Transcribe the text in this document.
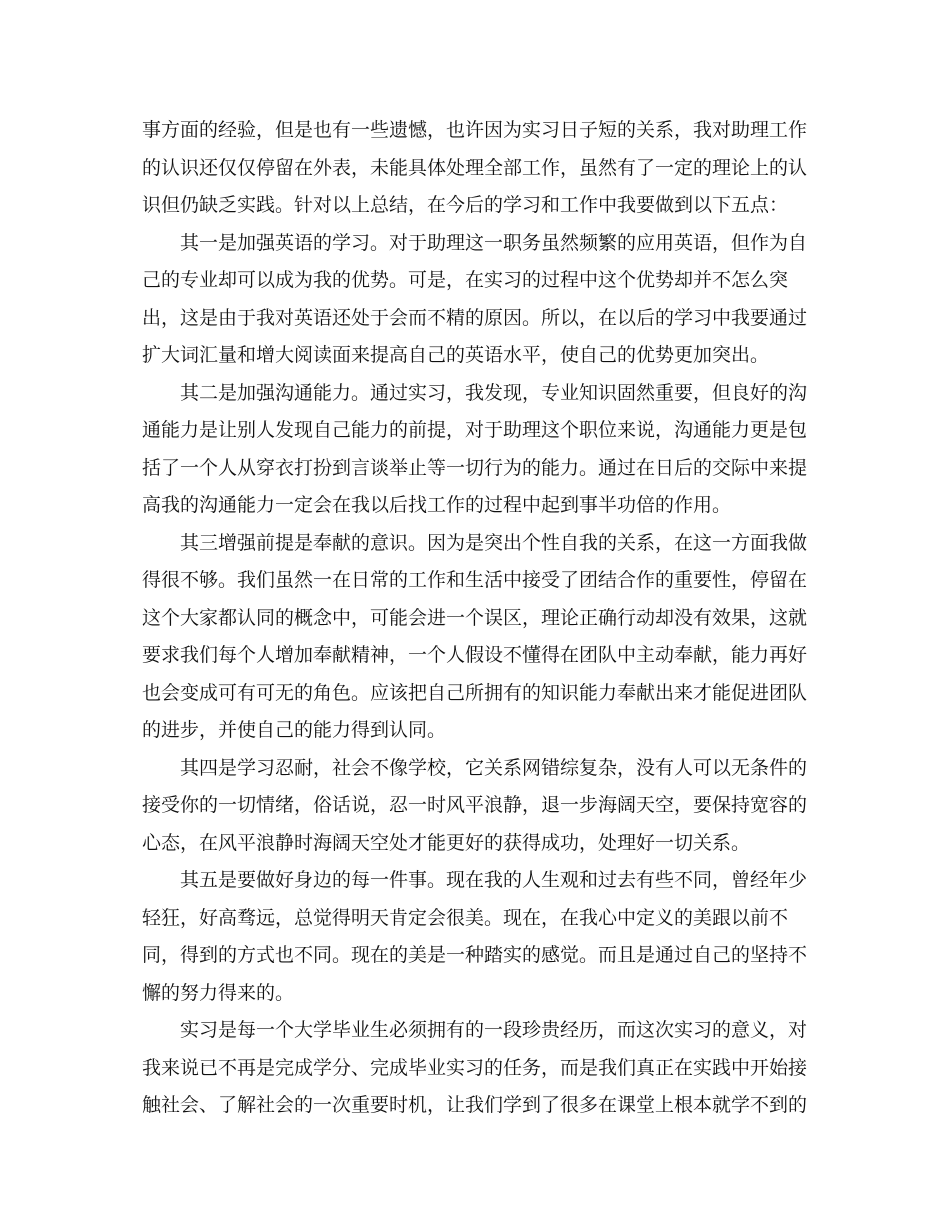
事方面的经验，但是也有一些遗憾，也许因为实习日子短的关系，我对助理工作
的认识还仅仅停留在外表，未能具体处理全部工作，虽然有了一定的理论上的认
识但仍缺乏实践。针对以上总结，在今后的学习和工作中我要做到以下五点：

其一是加强英语的学习。对于助理这一职务虽然频繁的应用英语，但作为自
己的专业却可以成为我的优势。可是，在实习的过程中这个优势却并不怎么突
出，这是由于我对英语还处于会而不精的原因。所以，在以后的学习中我要通过
扩大词汇量和增大阅读面来提高自己的英语水平，使自己的优势更加突出。

其二是加强沟通能力。通过实习，我发现，专业知识固然重要，但良好的沟
通能力是让别人发现自己能力的前提，对于助理这个职位来说，沟通能力更是包
括了一个人从穿衣打扮到言谈举止等一切行为的能力。通过在日后的交际中来提
高我的沟通能力一定会在我以后找工作的过程中起到事半功倍的作用。

其三增强前提是奉献的意识。因为是突出个性自我的关系，在这一方面我做
得很不够。我们虽然一在日常的工作和生活中接受了团结合作的重要性，停留在
这个大家都认同的概念中，可能会进一个误区，理论正确行动却没有效果，这就
要求我们每个人增加奉献精神，一个人假设不懂得在团队中主动奉献，能力再好
也会变成可有可无的角色。应该把自己所拥有的知识能力奉献出来才能促进团队
的进步，并使自己的能力得到认同。

其四是学习忍耐，社会不像学校，它关系网错综复杂，没有人可以无条件的
接受你的一切情绪，俗话说，忍一时风平浪静，退一步海阔天空，要保持宽容的
心态，在风平浪静时海阔天空处才能更好的获得成功，处理好一切关系。

其五是要做好身边的每一件事。现在我的人生观和过去有些不同，曾经年少
轻狂，好高骛远，总觉得明天肯定会很美。现在，在我心中定义的美跟以前不
同，得到的方式也不同。现在的美是一种踏实的感觉。而且是通过自己的坚持不
懈的努力得来的。

实习是每一个大学毕业生必须拥有的一段珍贵经历，而这次实习的意义，对
我来说已不再是完成学分、完成毕业实习的任务，而是我们真正在实践中开始接
触社会、了解社会的一次重要时机，让我们学到了很多在课堂上根本就学不到的
